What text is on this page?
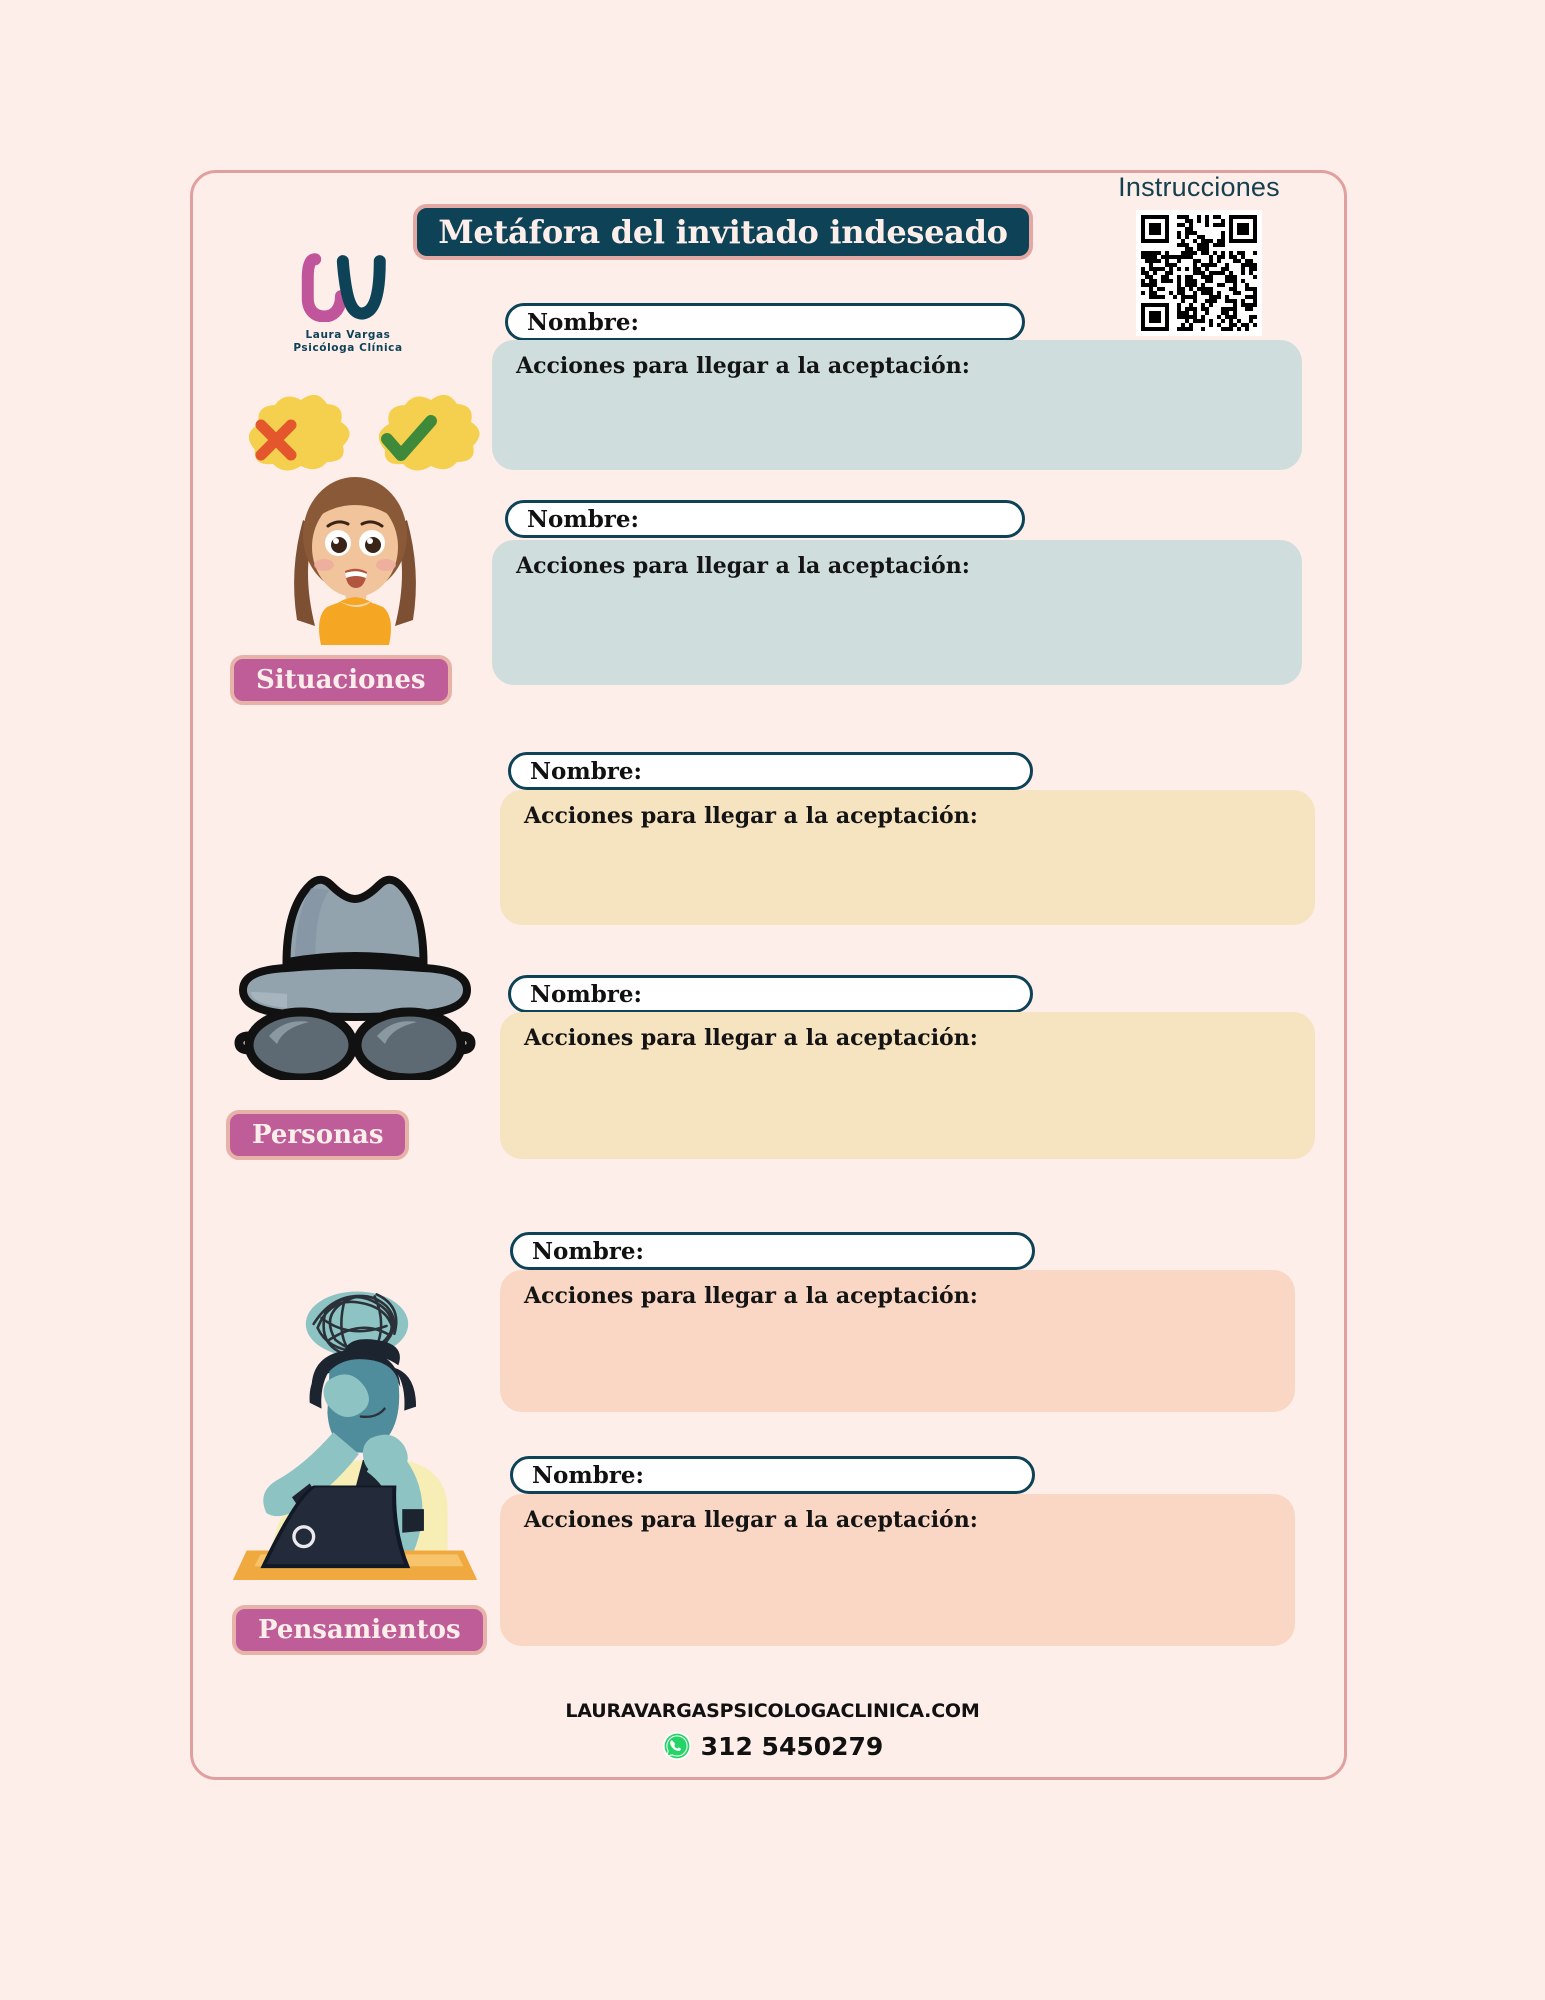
Metáfora del invitado indeseado
Laura Vargas
Psicóloga Clínica
Instrucciones
Situaciones
Nombre:
Acciones para llegar a la aceptación:
Nombre:
Acciones para llegar a la aceptación:
Personas
Nombre:
Acciones para llegar a la aceptación:
Nombre:
Acciones para llegar a la aceptación:
Pensamientos
Nombre:
Acciones para llegar a la aceptación:
Nombre:
Acciones para llegar a la aceptación:
LAURAVARGASPSICOLOGACLINICA.COM
312 5450279
